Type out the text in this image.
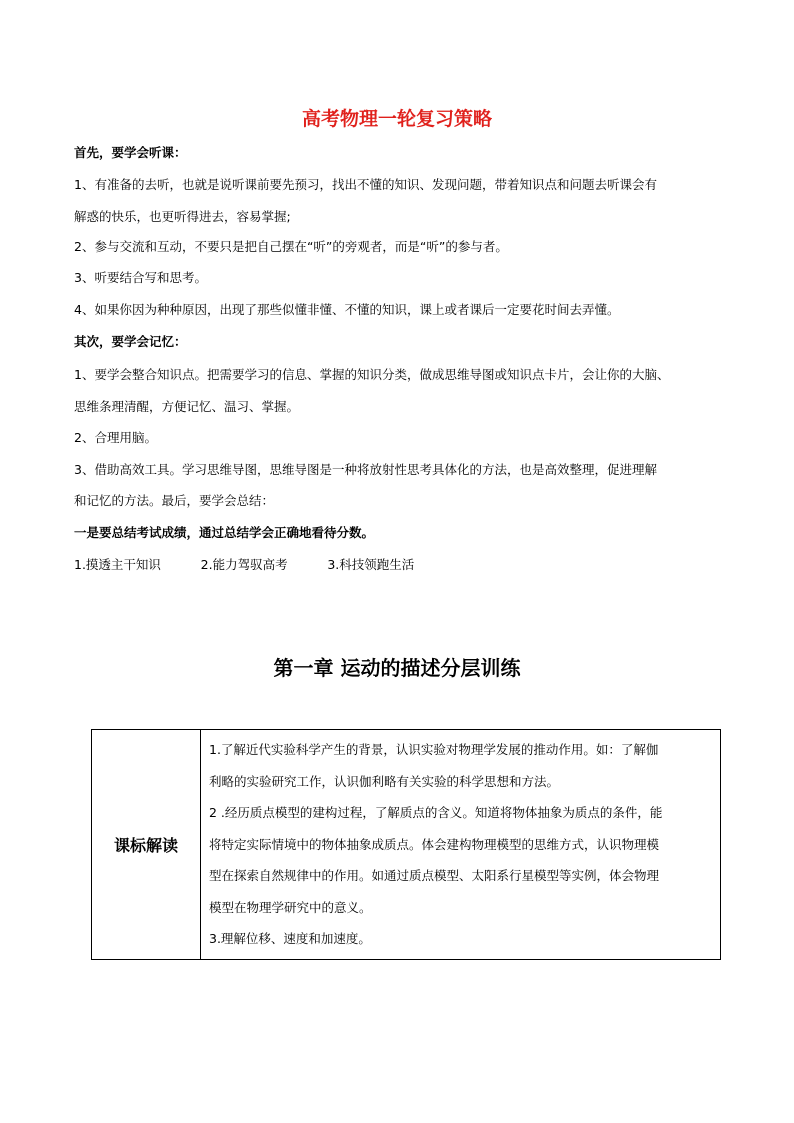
高考物理一轮复习策略
首先，要学会听课：
1、有准备的去听，也就是说听课前要先预习，找出不懂的知识、发现问题，带着知识点和问题去听课会有
解惑的快乐，也更听得进去，容易掌握;
2、参与交流和互动，不要只是把自己摆在“听”的旁观者，而是“听”的参与者。
3、听要结合写和思考。
4、如果你因为种种原因，出现了那些似懂非懂、不懂的知识，课上或者课后一定要花时间去弄懂。
其次，要学会记忆：
1、要学会整合知识点。把需要学习的信息、掌握的知识分类，做成思维导图或知识点卡片，会让你的大脑、
思维条理清醒，方便记忆、温习、掌握。
2、合理用脑。
3、借助高效工具。学习思维导图，思维导图是一种将放射性思考具体化的方法，也是高效整理，促进理解
和记忆的方法。最后，要学会总结：
一是要总结考试成绩，通过总结学会正确地看待分数。
1.摸透主干知识          2.能力驾驭高考          3.科技领跑生活
第一章 运动的描述分层训练
课标解读	
1.了解近代实验科学产生的背景，认识实验对物理学发展的推动作用。如：了解伽
利略的实验研究工作，认识伽利略有关实验的科学思想和方法。
2 .经历质点模型的建构过程，了解质点的含义。知道将物体抽象为质点的条件，能
将特定实际情境中的物体抽象成质点。体会建构物理模型的思维方式，认识物理模
型在探索自然规律中的作用。如通过质点模型、太阳系行星模型等实例，体会物理
模型在物理学研究中的意义。
3.理解位移、速度和加速度。
